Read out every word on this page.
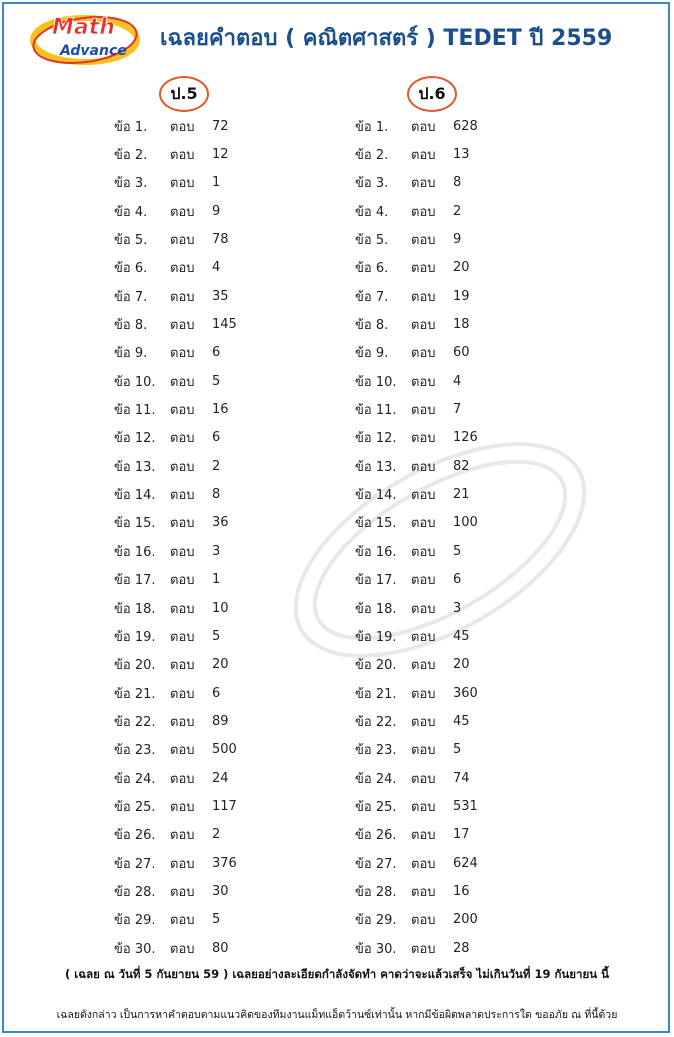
Math
Advance เฉลยคำตอบ ( คณิตศาสตร์ ) TEDET ปี 2559
ป.5	ป.6
ข้อ 1.	ตอบ	72
ข้อ 2.	ตอบ	12
ข้อ 3.	ตอบ	1
ข้อ 4.	ตอบ	9
ข้อ 5.	ตอบ	78
ข้อ 6.	ตอบ	4
ข้อ 7.	ตอบ	35
ข้อ 8.	ตอบ	145
ข้อ 9.	ตอบ	6
ข้อ 10.	ตอบ	5
ข้อ 11.	ตอบ	16
ข้อ 12.	ตอบ	6
ข้อ 13.	ตอบ	2
ข้อ 14.	ตอบ	8
ข้อ 15.	ตอบ	36
ข้อ 16.	ตอบ	3
ข้อ 17.	ตอบ	1
ข้อ 18.	ตอบ	10
ข้อ 19.	ตอบ	5
ข้อ 20.	ตอบ	20
ข้อ 21.	ตอบ	6
ข้อ 22.	ตอบ	89
ข้อ 23.	ตอบ	500
ข้อ 24.	ตอบ	24
ข้อ 25.	ตอบ	117
ข้อ 26.	ตอบ	2
ข้อ 27.	ตอบ	376
ข้อ 28.	ตอบ	30
ข้อ 29.	ตอบ	5
ข้อ 30.	ตอบ	80
ข้อ 1.	ตอบ	628
ข้อ 2.	ตอบ	13
ข้อ 3.	ตอบ	8
ข้อ 4.	ตอบ	2
ข้อ 5.	ตอบ	9
ข้อ 6.	ตอบ	20
ข้อ 7.	ตอบ	19
ข้อ 8.	ตอบ	18
ข้อ 9.	ตอบ	60
ข้อ 10.	ตอบ	4
ข้อ 11.	ตอบ	7
ข้อ 12.	ตอบ	126
ข้อ 13.	ตอบ	82
ข้อ 14.	ตอบ	21
ข้อ 15.	ตอบ	100
ข้อ 16.	ตอบ	5
ข้อ 17.	ตอบ	6
ข้อ 18.	ตอบ	3
ข้อ 19.	ตอบ	45
ข้อ 20.	ตอบ	20
ข้อ 21.	ตอบ	360
ข้อ 22.	ตอบ	45
ข้อ 23.	ตอบ	5
ข้อ 24.	ตอบ	74
ข้อ 25.	ตอบ	531
ข้อ 26.	ตอบ	17
ข้อ 27.	ตอบ	624
ข้อ 28.	ตอบ	16
ข้อ 29.	ตอบ	200
ข้อ 30.	ตอบ	28
( เฉลย ณ วันที่ 5 กันยายน 59 ) เฉลยอย่างละเอียดกำลังจัดทำ คาดว่าจะแล้วเสร็จ ไม่เกินวันที่ 19 กันยายน นี้
เฉลยดังกล่าว เป็นการหาคำตอบตามแนวคิดของทีมงานแม็ทแอ็ดว้านซ์เท่านั้น หากมีข้อผิดพลาดประการใด ขออภัย ณ ที่นี้ด้วย
